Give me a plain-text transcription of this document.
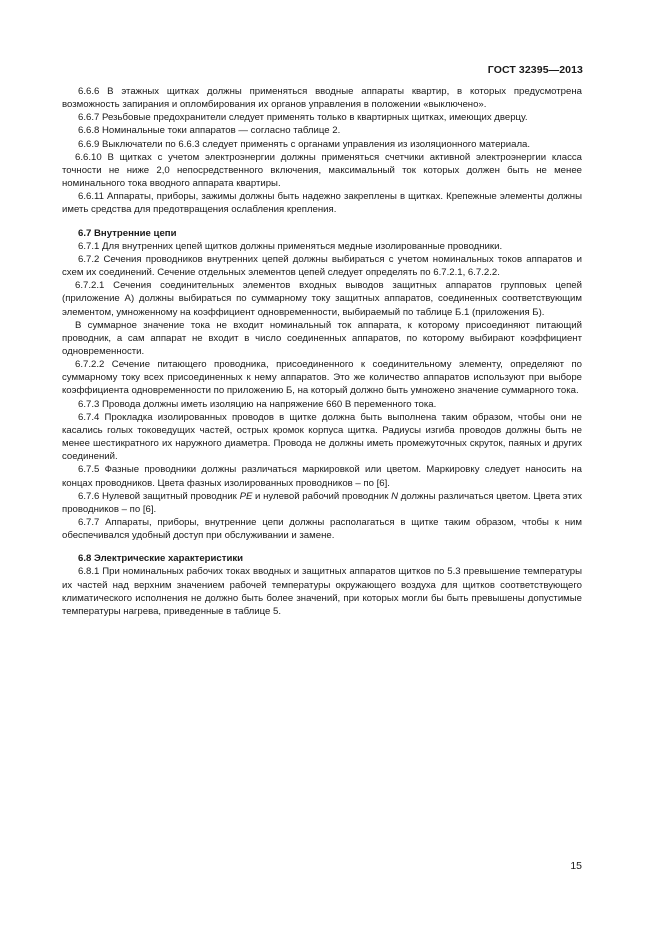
ГОСТ 32395—2013

6.6.6 В этажных щитках должны применяться вводные аппараты квартир, в которых предусмотрена возможность запирания и опломбирования их органов управления в положении «выключено».

6.6.7 Резьбовые предохранители следует применять только в квартирных щитках, имеющих дверцу.

6.6.8 Номинальные токи аппаратов — согласно таблице 2.

6.6.9 Выключатели по 6.6.3 следует применять с органами управления из изоляционного материала.

6.6.10 В щитках с учетом электроэнергии должны применяться счетчики активной электроэнергии класса точности не ниже 2,0 непосредственного включения, максимальный ток которых должен быть не менее номинального тока вводного аппарата квартиры.

6.6.11 Аппараты, приборы, зажимы должны быть надежно закреплены в щитках. Крепежные элементы должны иметь средства для предотвращения ослабления крепления.

6.7 Внутренние цепи

6.7.1 Для внутренних цепей щитков должны применяться медные изолированные проводники.

6.7.2 Сечения проводников внутренних цепей должны выбираться с учетом номинальных токов аппаратов и схем их соединений. Сечение отдельных элементов цепей следует определять по 6.7.2.1, 6.7.2.2.

6.7.2.1 Сечения соединительных элементов входных выводов защитных аппаратов групповых цепей (приложение А) должны выбираться по суммарному току защитных аппаратов, соединенных соответствующим элементом, умноженному на коэффициент одновременности, выбираемый по таблице Б.1 (приложения Б).

В суммарное значение тока не входит номинальный ток аппарата, к которому присоединяют питающий проводник, а сам аппарат не входит в число соединенных аппаратов, по которому выбирают коэффициент одновременности.

6.7.2.2 Сечение питающего проводника, присоединенного к соединительному элементу, определяют по суммарному току всех присоединенных к нему аппаратов. Это же количество аппаратов используют при выборе коэффициента одновременности по приложению Б, на который должно быть умножено значение суммарного тока.

6.7.3 Провода должны иметь изоляцию на напряжение 660 В переменного тока.

6.7.4 Прокладка изолированных проводов в щитке должна быть выполнена таким образом, чтобы они не касались голых токоведущих частей, острых кромок корпуса щитка. Радиусы изгиба проводов должны быть не менее шестикратного их наружного диаметра. Провода не должны иметь промежуточных скруток, паяных и других соединений.

6.7.5 Фазные проводники должны различаться маркировкой или цветом. Маркировку следует наносить на концах проводников. Цвета фазных изолированных проводников – по [6].

6.7.6 Нулевой защитный проводник PE и нулевой рабочий проводник N должны различаться цветом. Цвета этих проводников – по [6].

6.7.7 Аппараты, приборы, внутренние цепи должны располагаться в щитке таким образом, чтобы к ним обеспечивался удобный доступ при обслуживании и замене.

6.8 Электрические характеристики

6.8.1 При номинальных рабочих токах вводных и защитных аппаратов щитков по 5.3 превышение температуры их частей над верхним значением рабочей температуры окружающего воздуха для щитков соответствующего климатического исполнения не должно быть более значений, при которых могли бы быть превышены допустимые температуры нагрева, приведенные в таблице 5.

15
